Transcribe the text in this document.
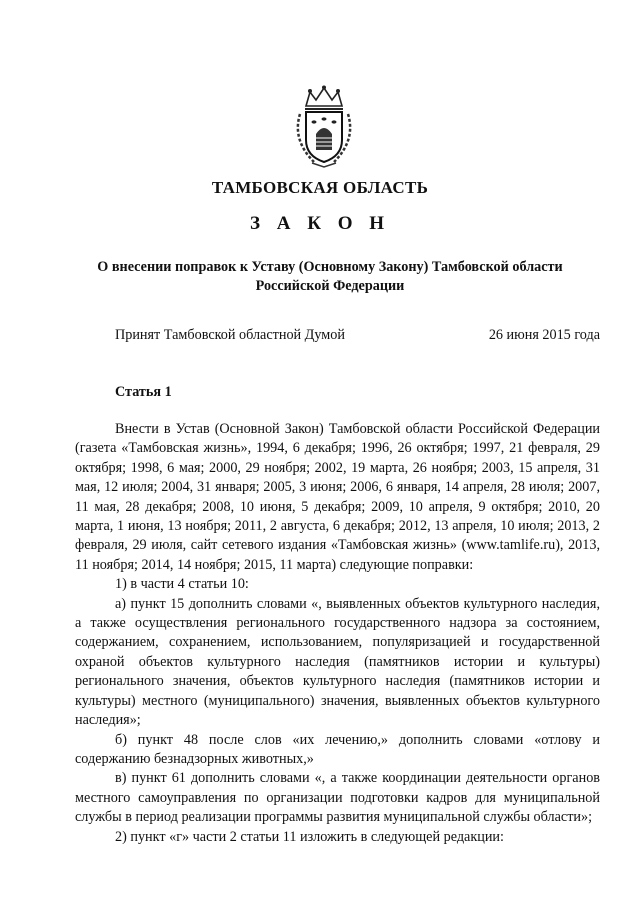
ТАМБОВСКАЯ ОБЛАСТЬ
З А К О Н
О внесении поправок к Уставу (Основному Закону) Тамбовской области Российской Федерации
Принят Тамбовской областной Думой	26 июня 2015 года
Статья 1

Внести в Устав (Основной Закон) Тамбовской области Российской Федерации (газета «Тамбовская жизнь», 1994, 6 декабря; 1996, 26 октября; 1997, 21 февраля, 29 октября; 1998, 6 мая; 2000, 29 ноября; 2002, 19 марта, 26 ноября; 2003, 15 апреля, 31 мая, 12 июля; 2004, 31 января; 2005, 3 июня; 2006, 6 января, 14 апреля, 28 июля; 2007, 11 мая, 28 декабря; 2008, 10 июня, 5 декабря; 2009, 10 апреля, 9 октября; 2010, 20 марта, 1 июня, 13 ноября; 2011, 2 августа, 6 декабря; 2012, 13 апреля, 10 июля; 2013, 2 февраля, 29 июля, сайт сетевого издания «Тамбовская жизнь» (www.tamlife.ru), 2013, 11 ноября; 2014, 14 ноября; 2015, 11 марта) следующие поправки:

1) в части 4 статьи 10:

а) пункт 15 дополнить словами «, выявленных объектов культурного наследия, а также осуществления регионального государственного надзора за состоянием, содержанием, сохранением, использованием, популяризацией и государственной охраной объектов культурного наследия (памятников истории и культуры) регионального значения, объектов культурного наследия (памятников истории и культуры) местного (муниципального) значения, выявленных объектов культурного наследия»;

б) пункт 48 после слов «их лечению,» дополнить словами «отлову и содержанию безнадзорных животных,»

в) пункт 61 дополнить словами «, а также координации деятельности органов местного самоуправления по организации подготовки кадров для муниципальной службы в период реализации программы развития муниципальной службы области»;

2) пункт «г» части 2 статьи 11 изложить в следующей редакции:
